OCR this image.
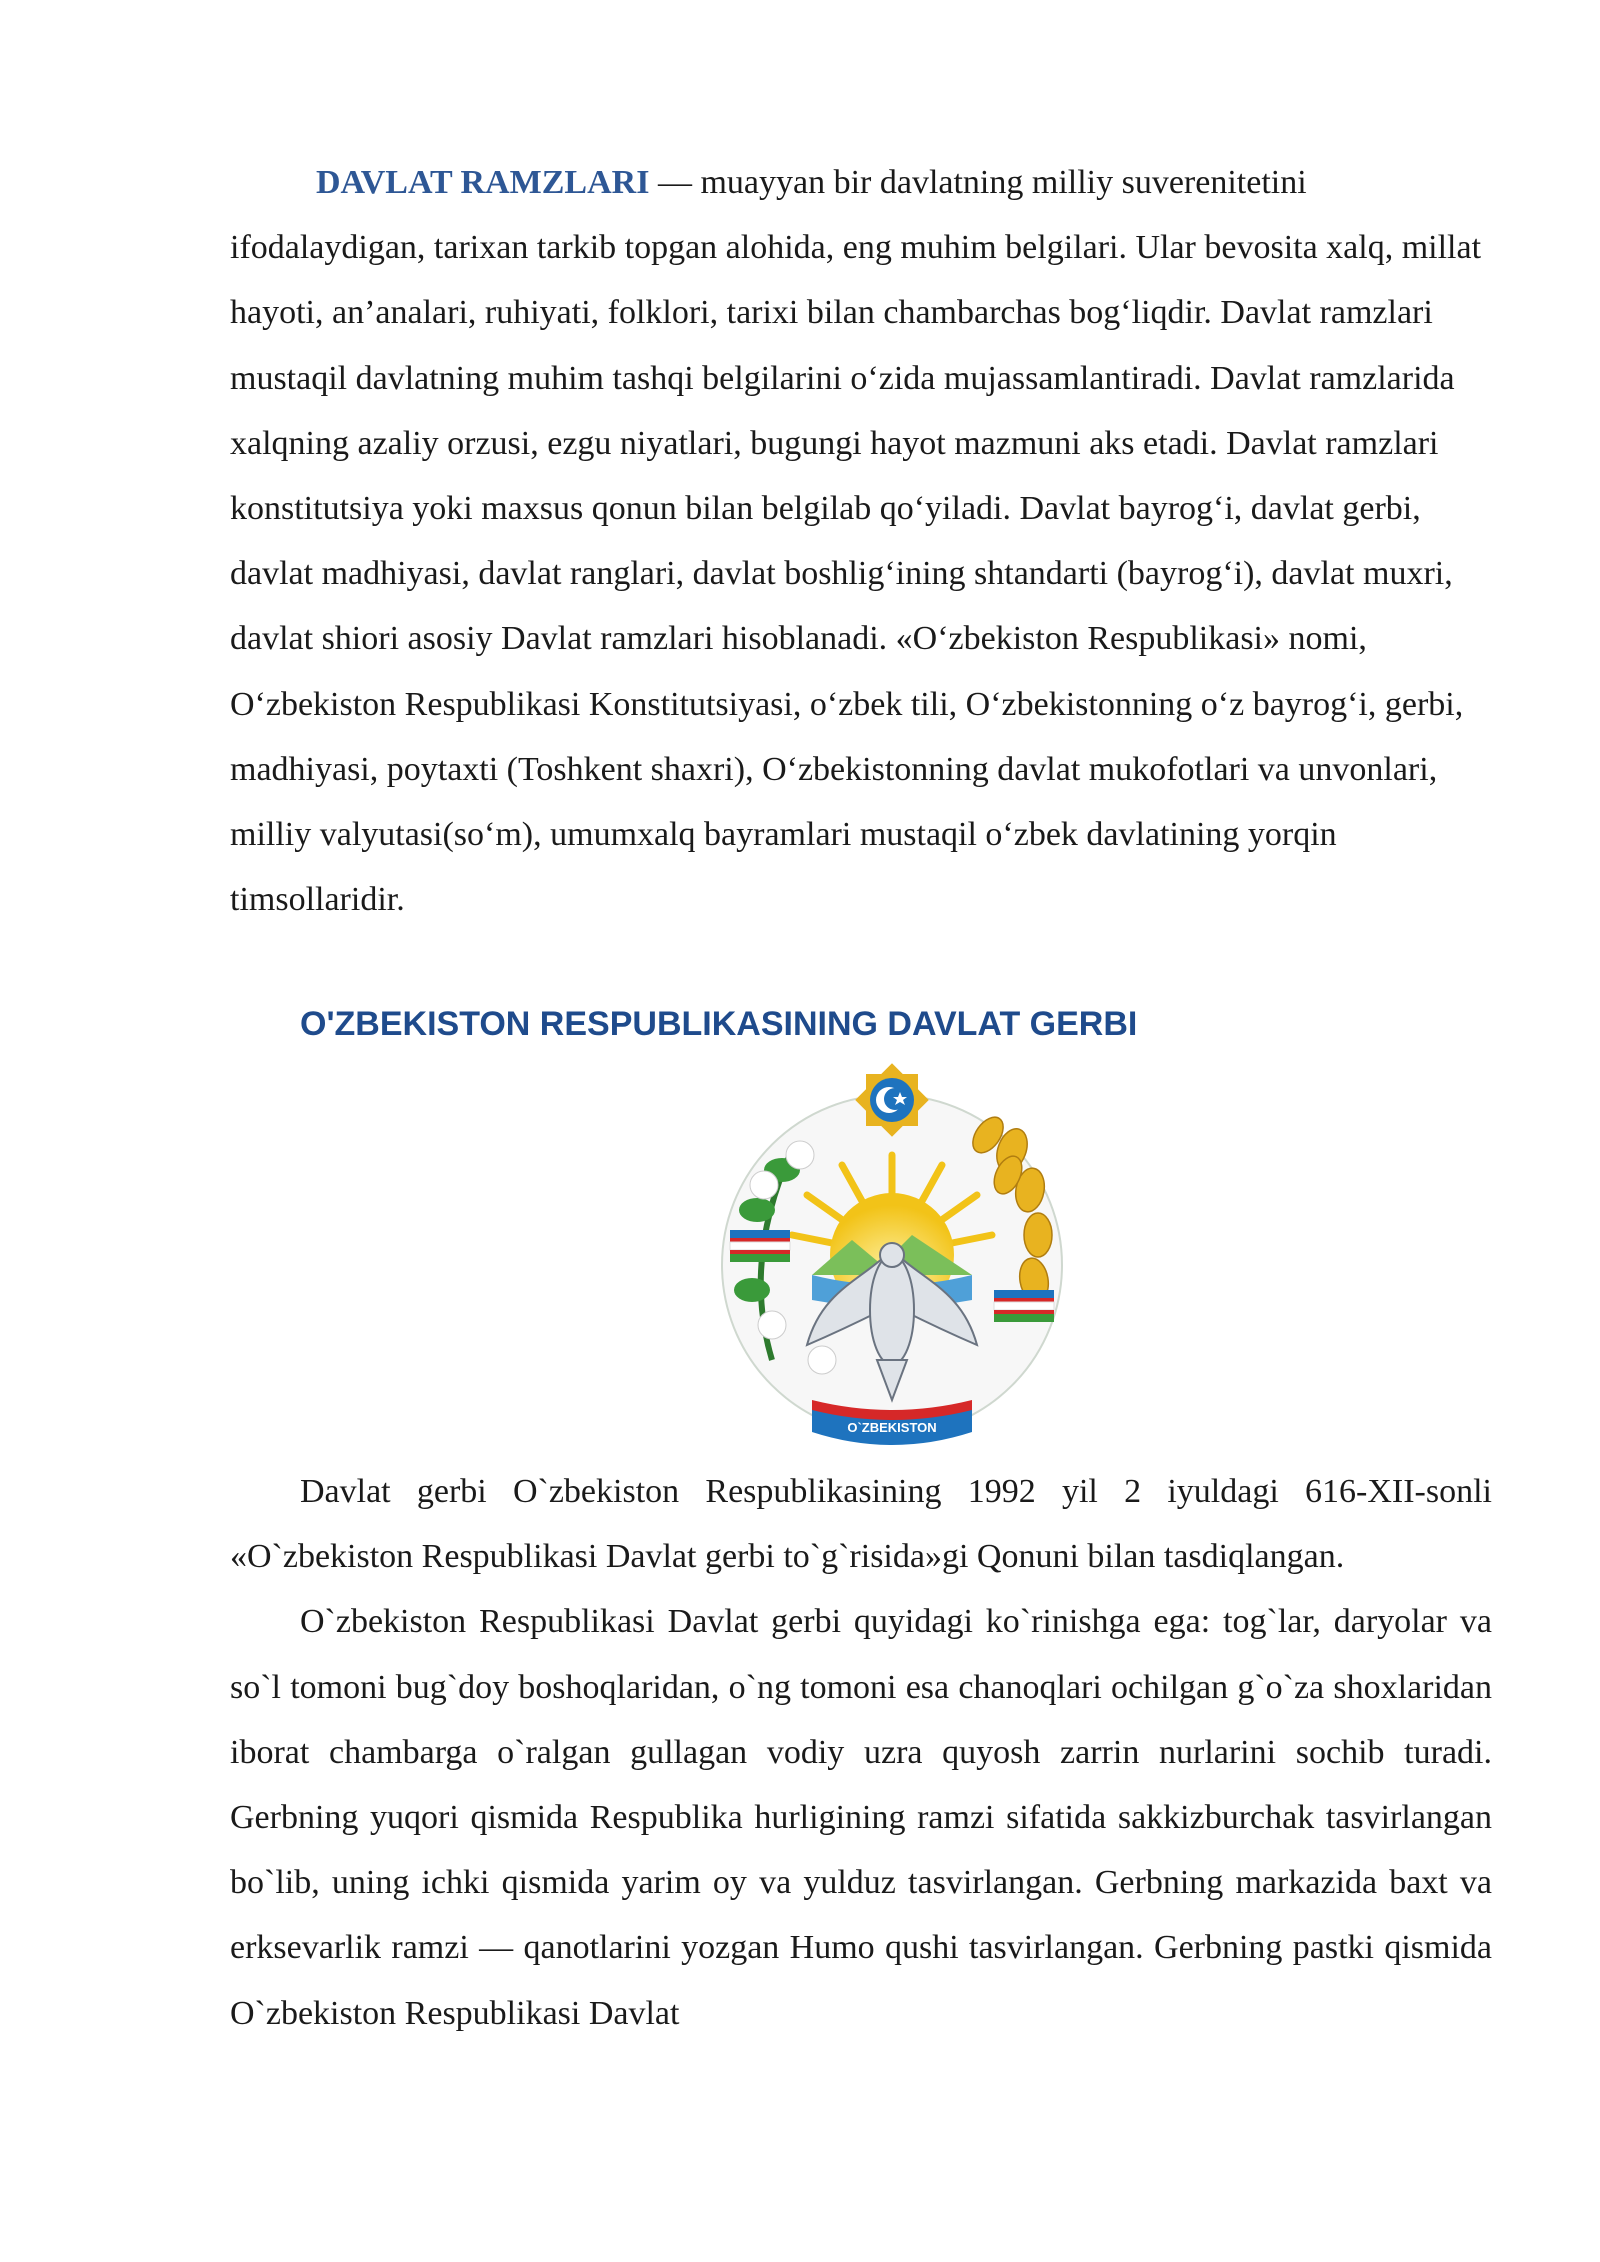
DAVLAT RAMZLARI — muayyan bir davlatning milliy suverenitetini ifodalaydigan, tarixan tarkib topgan alohida, eng muhim belgilari. Ular bevosita xalq, millat hayoti, an’analari, ruhiyati, folklori, tarixi bilan chambarchas bog‘liqdir. Davlat ramzlari mustaqil davlatning muhim tashqi belgilarini o‘zida mujassamlantiradi. Davlat ramzlarida xalqning azaliy orzusi, ezgu niyatlari, bugungi hayot mazmuni aks etadi. Davlat ramzlari konstitutsiya yoki maxsus qonun bilan belgilab qo‘yiladi. Davlat bayrog‘i, davlat gerbi, davlat madhiyasi, davlat ranglari, davlat boshlig‘ining shtandarti (bayrog‘i), davlat muxri, davlat shiori asosiy Davlat ramzlari hisoblanadi. «O‘zbekiston Respublikasi» nomi, O‘zbekiston Respublikasi Konstitutsiyasi, o‘zbek tili, O‘zbekistonning o‘z bayrog‘i, gerbi, madhiyasi, poytaxti (Toshkent shaxri), O‘zbekistonning davlat mukofotlari va unvonlari, milliy valyutasi(so‘m), umumxalq bayramlari mustaqil o‘zbek davlatining yorqin timsollaridir.

O'ZBEKISTON RESPUBLIKASINING DAVLAT GERBI
O`ZBEKISTON

Davlat gerbi O`zbekiston Respublikasining 1992 yil 2 iyuldagi 616-XII-sonli «O`zbekiston Respublikasi Davlat gerbi to`g`risida»gi Qonuni bilan tasdiqlangan.

O`zbekiston Respublikasi Davlat gerbi quyidagi ko`rinishga ega: tog`lar, daryolar va so`l tomoni bug`doy boshoqlaridan, o`ng tomoni esa chanoqlari ochilgan g`o`za shoxlaridan iborat chambarga o`ralgan gullagan vodiy uzra quyosh zarrin nurlarini sochib turadi. Gerbning yuqori qismida Respublika hurligining ramzi sifatida sakkizburchak tasvirlangan bo`lib, uning ichki qismida yarim oy va yulduz tasvirlangan. Gerbning markazida baxt va erksevarlik ramzi — qanotlarini yozgan Humo qushi tasvirlangan. Gerbning pastki qismida O`zbekiston Respublikasi Davlat
